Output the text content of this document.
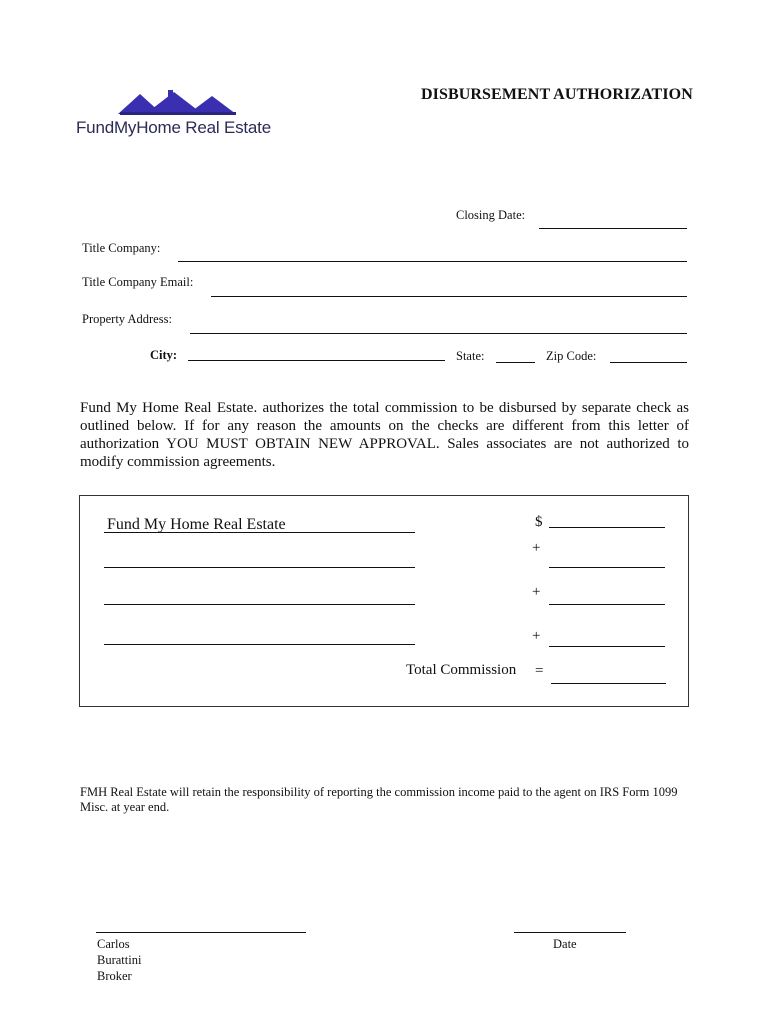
FundMyHome Real Estate
DISBURSEMENT AUTHORIZATION
Closing Date:
Title Company:
Title Company Email:
Property Address:
City:	State:	Zip Code:
Fund My Home Real Estate. authorizes the total commission to be disbursed by separate check as outlined below. If for any reason the amounts on the checks are different from this letter of authorization YOU MUST OBTAIN NEW APPROVAL. Sales associates are not authorized to modify commission agreements.
Fund My Home Real Estate	$
+
+
+
Total Commission =
FMH Real Estate will retain the responsibility of reporting the commission income paid to the agent on IRS Form 1099 Misc. at year end.
Carlos
Burattini
Broker
Date
